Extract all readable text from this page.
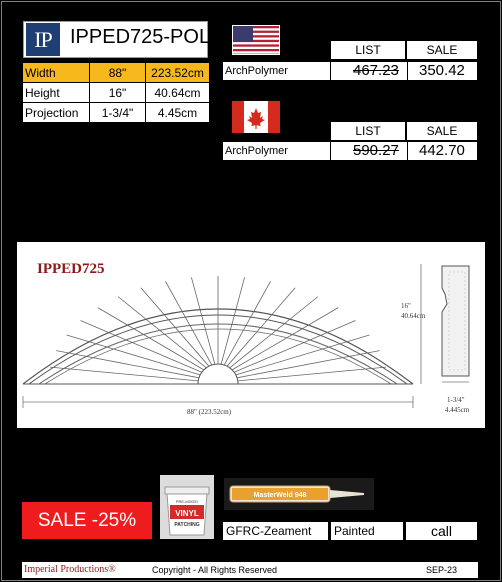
IP IPPED725-POL
Width	88"	223.52cm
Height	16"	40.64cm
Projection	1-3/4"	4.45cm
LIST	SALE
ArchPolymer	467.23 350.42
LIST	SALE
ArchPolymer	590.27 442.70
IPPED725
16"
40.64cm
88" (223.52cm)
1-3/4"
4.445cm
SALE -25%
PRE-MIXED
VINYL
PATCHING
MasterWeld 948
GFRC-Zeament	Painted	call
Imperial Productions®	Copyright - All Rights Reserved	SEP-23
